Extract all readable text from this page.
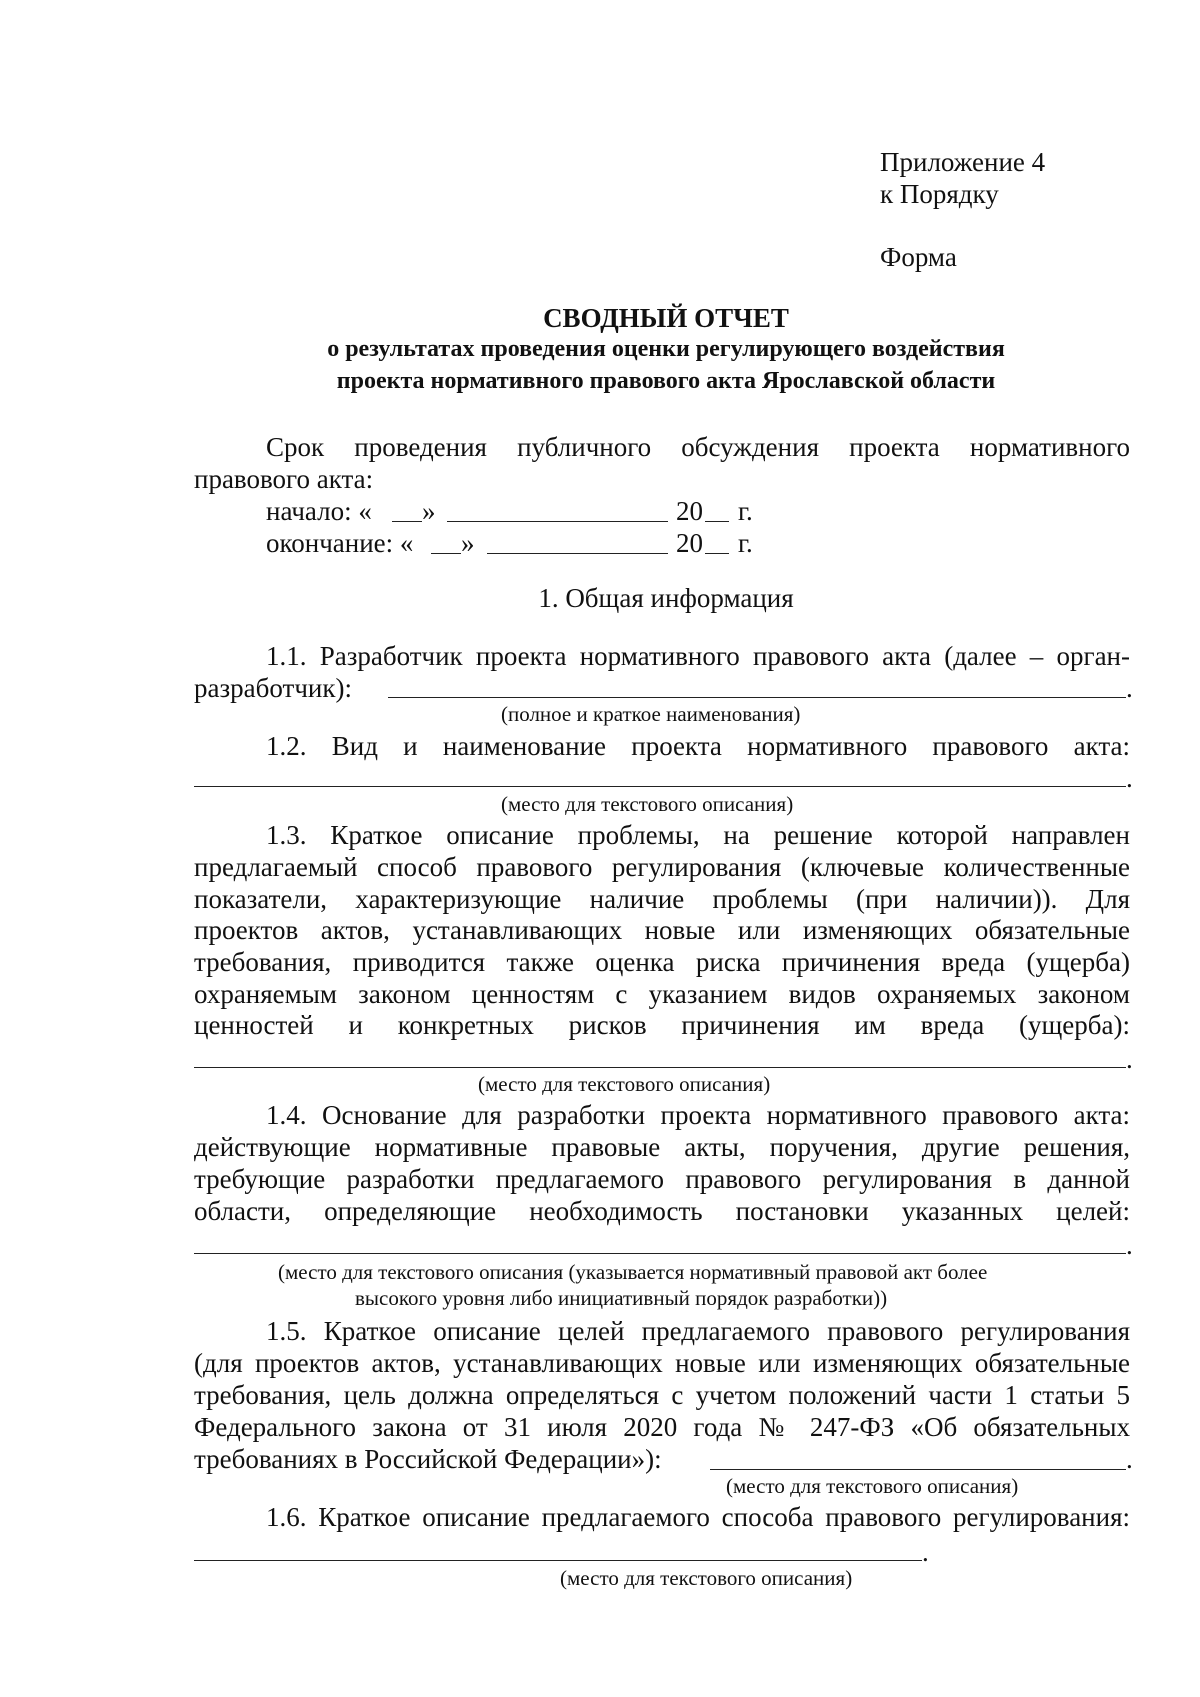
Приложение 4
к Порядку
Форма
СВОДНЫЙ ОТЧЕТ
о результатах проведения оценки регулирующего воздействия
проекта нормативного правового акта Ярославской области
Срок проведения публичного обсуждения проекта нормативного
правового акта:
начало: « »	20 г.
окончание: « »	20 г.
1. Общая информация
1.1. Разработчик проекта нормативного правового акта (далее – орган-
разработчик):	.
(полное и краткое наименования)
1.2. Вид и наименование проекта нормативного правового акта:
.
(место для текстового описания)
1.3. Краткое описание проблемы, на решение которой направлен
предлагаемый способ правового регулирования (ключевые количественные
показатели, характеризующие наличие проблемы (при наличии)). Для
проектов актов, устанавливающих новые или изменяющих обязательные
требования, приводится также оценка риска причинения вреда (ущерба)
охраняемым законом ценностям с указанием видов охраняемых законом
ценностей и конкретных рисков причинения им вреда (ущерба):
.
(место для текстового описания)
1.4. Основание для разработки проекта нормативного правового акта:
действующие нормативные правовые акты, поручения, другие решения,
требующие разработки предлагаемого правового регулирования в данной
области, определяющие необходимость постановки указанных целей:
.
(место для текстового описания (указывается нормативный правовой акт более
высокого уровня либо инициативный порядок разработки))
1.5. Краткое описание целей предлагаемого правового регулирования
(для проектов актов, устанавливающих новые или изменяющих обязательные
требования, цель должна определяться с учетом положений части 1 статьи 5
Федерального закона от 31 июля 2020 года № 247-ФЗ «Об обязательных
требованиях в Российской Федерации»):	.
(место для текстового описания)
1.6. Краткое описание предлагаемого способа правового регулирования:
.
(место для текстового описания)
